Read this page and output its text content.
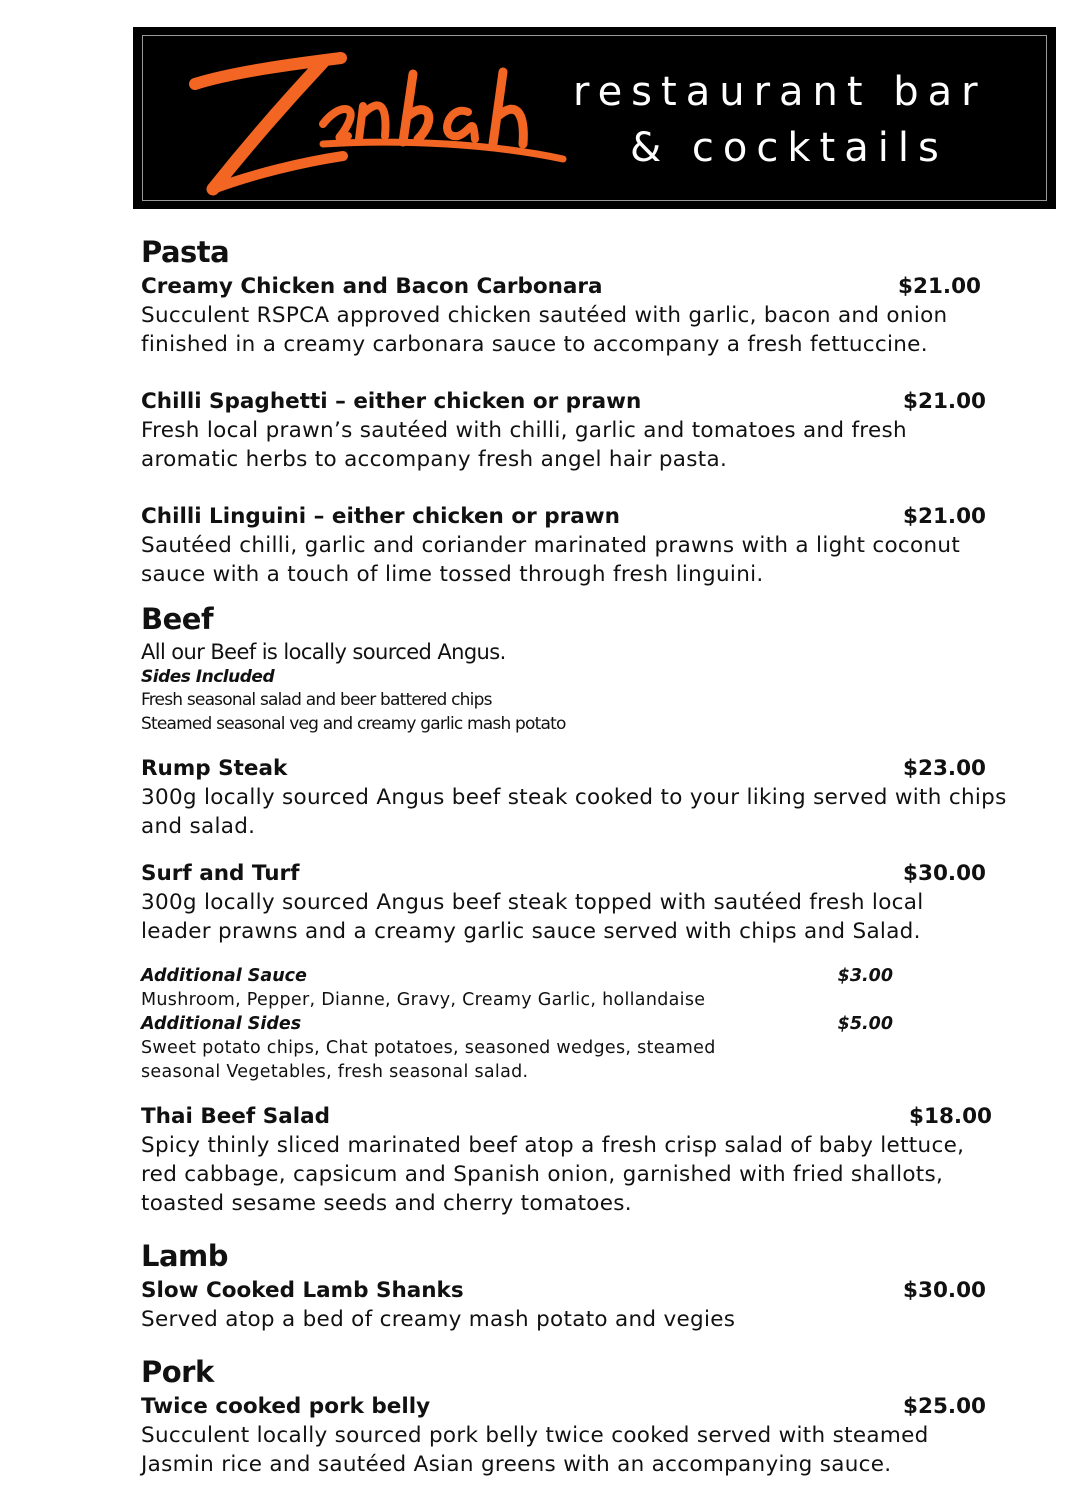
Zenbah
restaurant bar
& cocktails
Pasta
Creamy Chicken and Bacon Carbonara	$21.00
Succulent RSPCA approved chicken sautéed with garlic, bacon and onion
finished in a creamy carbonara sauce to accompany a fresh fettuccine.
Chilli Spaghetti – either chicken or prawn	$21.00
Fresh local prawn’s sautéed with chilli, garlic and tomatoes and fresh
aromatic herbs to accompany fresh angel hair pasta.
Chilli Linguini – either chicken or prawn	$21.00
Sautéed chilli, garlic and coriander marinated prawns with a light coconut
sauce with a touch of lime tossed through fresh linguini.
Beef
All our Beef is locally sourced Angus.
Sides Included
Fresh seasonal salad and beer battered chips
Steamed seasonal veg and creamy garlic mash potato
Rump Steak	$23.00
300g locally sourced Angus beef steak cooked to your liking served with chips
and salad.
Surf and Turf	$30.00
300g locally sourced Angus beef steak topped with sautéed fresh local
leader prawns and a creamy garlic sauce served with chips and Salad.
Additional Sauce	$3.00
Mushroom, Pepper, Dianne, Gravy, Creamy Garlic, hollandaise
Additional Sides	$5.00
Sweet potato chips, Chat potatoes, seasoned wedges, steamed
seasonal Vegetables, fresh seasonal salad.
Thai Beef Salad	$18.00
Spicy thinly sliced marinated beef atop a fresh crisp salad of baby lettuce,
red cabbage, capsicum and Spanish onion, garnished with fried shallots,
toasted sesame seeds and cherry tomatoes.
Lamb
Slow Cooked Lamb Shanks	$30.00
Served atop a bed of creamy mash potato and vegies
Pork
Twice cooked pork belly	$25.00
Succulent locally sourced pork belly twice cooked served with steamed
Jasmin rice and sautéed Asian greens with an accompanying sauce.
